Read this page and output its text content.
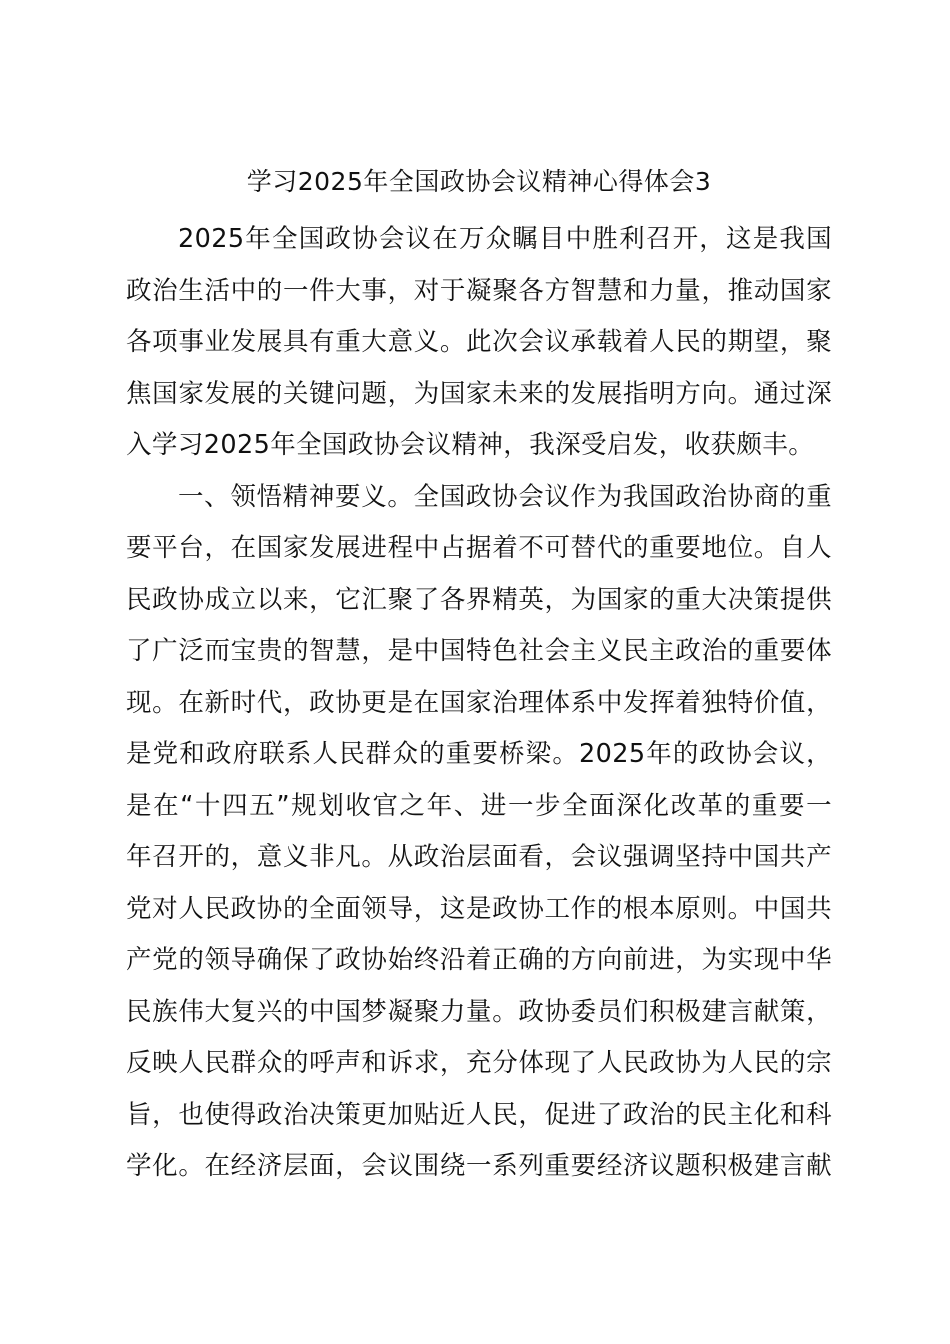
学习2025年全国政协会议精神心得体会3
2025年全国政协会议在万众瞩目中胜利召开，这是我国
政治生活中的一件大事，对于凝聚各方智慧和力量，推动国家
各项事业发展具有重大意义。此次会议承载着人民的期望，聚
焦国家发展的关键问题，为国家未来的发展指明方向。通过深
入学习2025年全国政协会议精神，我深受启发，收获颇丰。
一、领悟精神要义。全国政协会议作为我国政治协商的重
要平台，在国家发展进程中占据着不可替代的重要地位。自人
民政协成立以来，它汇聚了各界精英，为国家的重大决策提供
了广泛而宝贵的智慧，是中国特色社会主义民主政治的重要体
现。在新时代，政协更是在国家治理体系中发挥着独特价值，
是党和政府联系人民群众的重要桥梁。2025年的政协会议，
是在“十四五”规划收官之年、进一步全面深化改革的重要一
年召开的，意义非凡。从政治层面看，会议强调坚持中国共产
党对人民政协的全面领导，这是政协工作的根本原则。中国共
产党的领导确保了政协始终沿着正确的方向前进，为实现中华
民族伟大复兴的中国梦凝聚力量。政协委员们积极建言献策，
反映人民群众的呼声和诉求，充分体现了人民政协为人民的宗
旨，也使得政治决策更加贴近人民，促进了政治的民主化和科
学化。在经济层面，会议围绕一系列重要经济议题积极建言献
